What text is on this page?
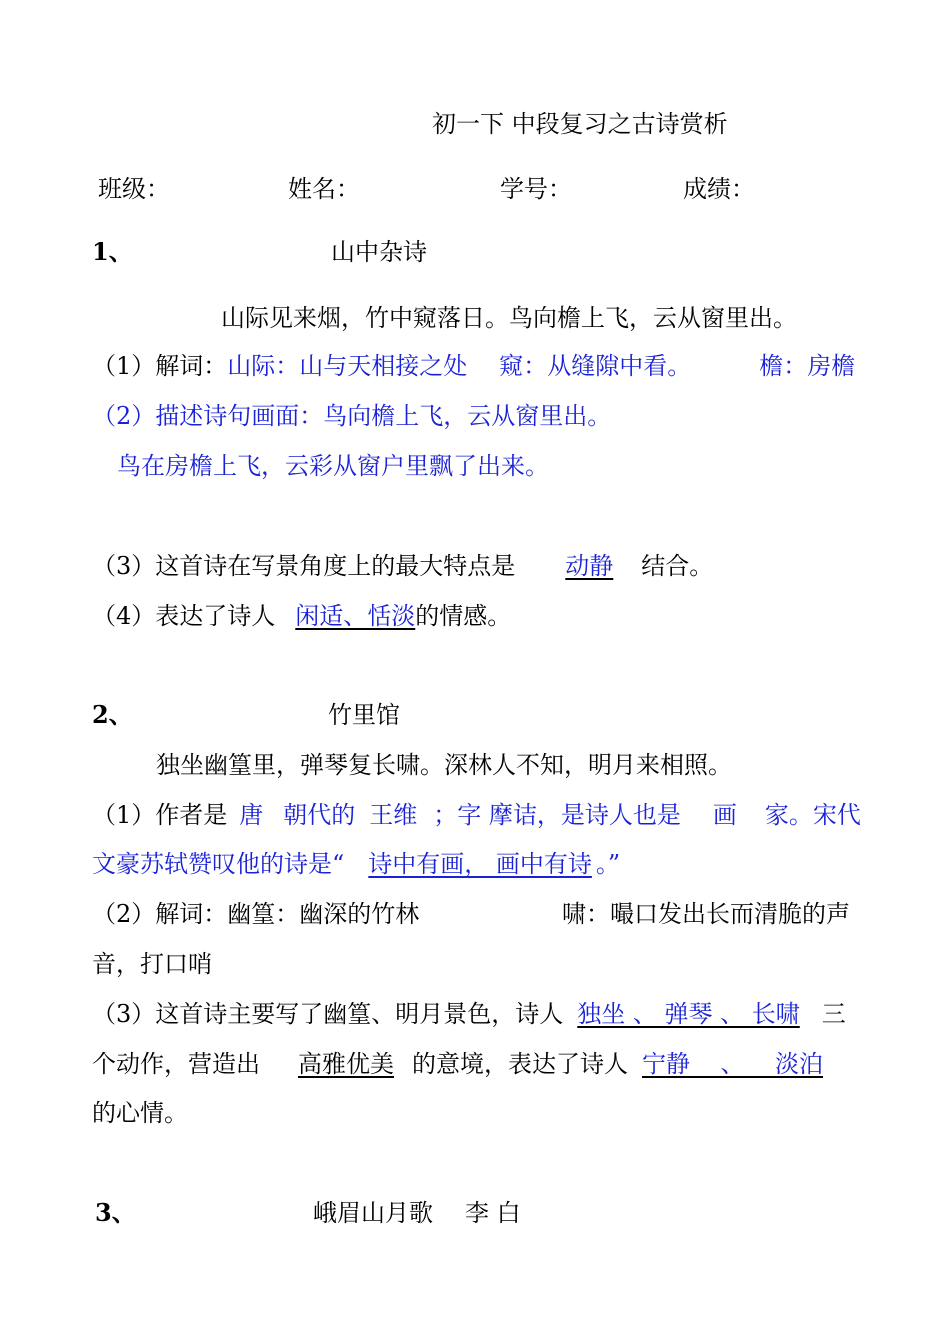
初一下 中段复习之古诗赏析
班级：	姓名：	学号：	成绩：
1、	山中杂诗
山际见来烟，竹中窥落日。鸟向檐上飞，云从窗里出。
（1）解词：山际：山与天相接之处 窥：从缝隙中看。	檐：房檐
（2）描述诗句画面：鸟向檐上飞，云从窗里出。
鸟在房檐上飞，云彩从窗户里飘了出来。
（3）这首诗在写景角度上的最大特点是 动静 结合。
（4）表达了诗人 闲适、恬淡的情感。
2、	竹里馆
独坐幽篁里，弹琴复长啸。深林人不知，明月来相照。
（1）作者是 唐 朝代的 王维 ；字 摩诘，是诗人也是 画 家。宋代
文豪苏轼赞叹他的诗是“ 诗中有画， 画中有诗 。”
（2）解词：幽篁：幽深的竹林	啸：嘬口发出长而清脆的声
音，打口哨
（3）这首诗主要写了幽篁、明月景色，诗人 独坐 、 弹琴 、 长啸 三
个动作，营造出 高雅优美 的意境，表达了诗人 宁静    、    淡泊
的心情。
3、	峨眉山月歌 李 白
